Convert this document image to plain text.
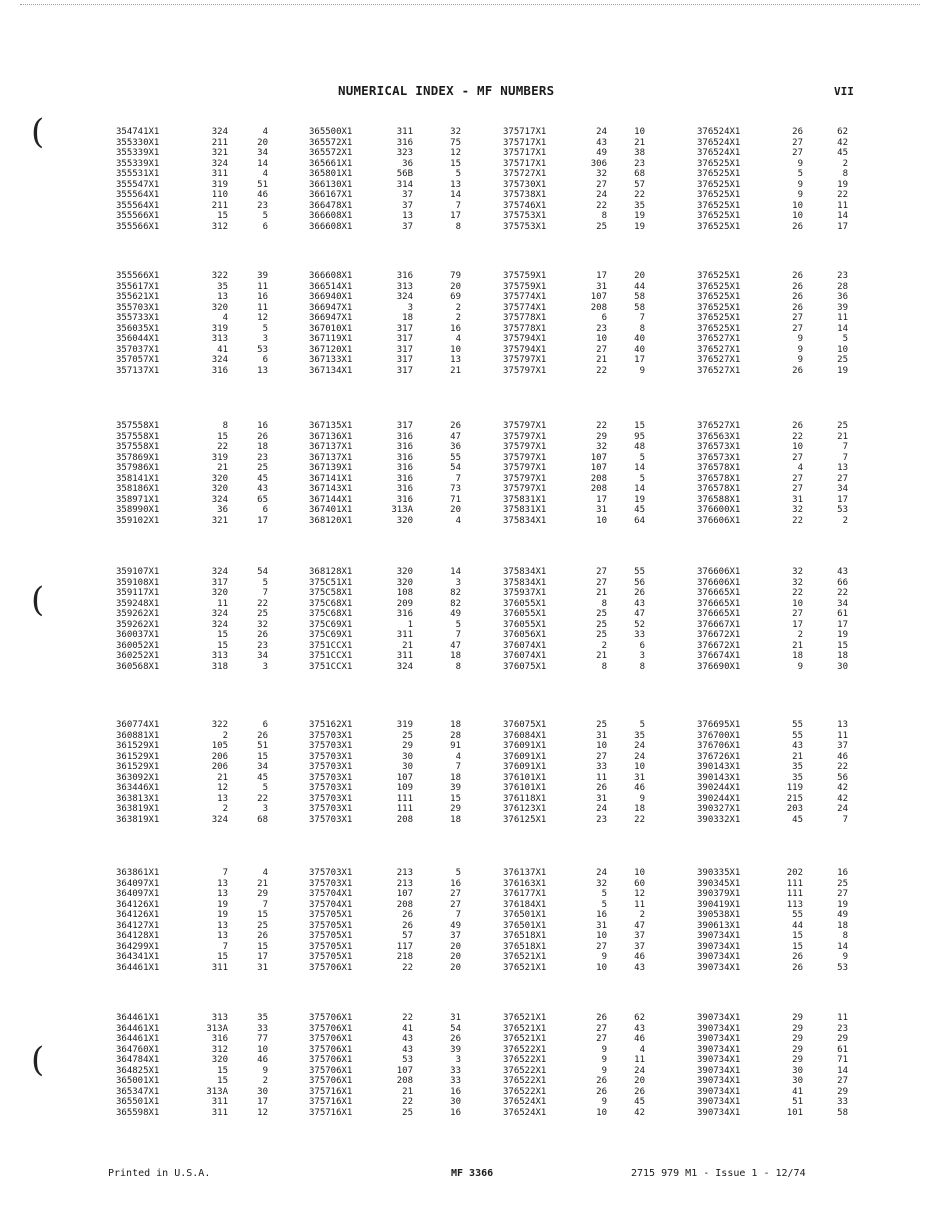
NUMERICAL INDEX - MF NUMBERS	VII
(
(
(
354741X1	324	4
355330X1	211	20
355339X1	321	34
355339X1	324	14
355531X1	311	4
355547X1	319	51
355564X1	110	46
355564X1	211	23
355566X1	15	5
355566X1	312	6
365500X1	311	32
365572X1	316	75
365572X1	323	12
365661X1	36	15
365801X1	56B	5
366130X1	314	13
366167X1	37	14
366478X1	37	7
366608X1	13	17
366608X1	37	8
375717X1	24	10
375717X1	43	21
375717X1	49	38
375717X1	306	23
375727X1	32	68
375730X1	27	57
375738X1	24	22
375746X1	22	35
375753X1	8	19
375753X1	25	19
376524X1	26	62
376524X1	27	42
376524X1	27	45
376525X1	9	2
376525X1	5	8
376525X1	9	19
376525X1	9	22
376525X1	10	11
376525X1	10	14
376525X1	26	17
355566X1	322	39
355617X1	35	11
355621X1	13	16
355703X1	320	11
355733X1	4	12
356035X1	319	5
356044X1	313	3
357037X1	41	53
357057X1	324	6
357137X1	316	13
366608X1	316	79
366514X1	313	20
366940X1	324	69
366947X1	3	2
366947X1	18	2
367010X1	317	16
367119X1	317	4
367120X1	317	10
367133X1	317	13
367134X1	317	21
375759X1	17	20
375759X1	31	44
375774X1	107	58
375774X1	208	58
375778X1	6	7
375778X1	23	8
375794X1	10	40
375794X1	27	40
375797X1	21	17
375797X1	22	9
376525X1	26	23
376525X1	26	28
376525X1	26	36
376525X1	26	39
376525X1	27	11
376525X1	27	14
376527X1	9	5
376527X1	9	10
376527X1	9	25
376527X1	26	19
357558X1	8	16
357558X1	15	26
357558X1	22	18
357869X1	319	23
357986X1	21	25
358141X1	320	45
358186X1	320	43
358971X1	324	65
358990X1	36	6
359102X1	321	17
367135X1	317	26
367136X1	316	47
367137X1	316	36
367137X1	316	55
367139X1	316	54
367141X1	316	7
367143X1	316	73
367144X1	316	71
367401X1	313A	20
368120X1	320	4
375797X1	22	15
375797X1	29	95
375797X1	32	48
375797X1	107	5
375797X1	107	14
375797X1	208	5
375797X1	208	14
375831X1	17	19
375831X1	31	45
375834X1	10	64
376527X1	26	25
376563X1	22	21
376573X1	10	7
376573X1	27	7
376578X1	4	13
376578X1	27	27
376578X1	27	34
376588X1	31	17
376600X1	32	53
376606X1	22	2
359107X1	324	54
359108X1	317	5
359117X1	320	7
359248X1	11	22
359262X1	324	25
359262X1	324	32
360037X1	15	26
360052X1	15	23
360252X1	313	34
360568X1	318	3
368128X1	320	14
375C51X1	320	3
375C58X1	108	82
375C68X1	209	82
375C68X1	316	49
375C69X1	1	5
375C69X1	311	7
3751CCX1	21	47
3751CCX1	311	18
3751CCX1	324	8
375834X1	27	55
375834X1	27	56
375937X1	21	26
376055X1	8	43
376055X1	25	47
376055X1	25	52
376056X1	25	33
376074X1	2	6
376074X1	21	3
376075X1	8	8
376606X1	32	43
376606X1	32	66
376665X1	22	22
376665X1	10	34
376665X1	27	61
376667X1	17	17
376672X1	2	19
376672X1	21	15
376674X1	18	18
376690X1	9	30
360774X1	322	6
360881X1	2	26
361529X1	105	51
361529X1	206	15
361529X1	206	34
363092X1	21	45
363446X1	12	5
363813X1	13	22
363819X1	2	3
363819X1	324	68
375162X1	319	18
375703X1	25	28
375703X1	29	91
375703X1	30	4
375703X1	30	7
375703X1	107	18
375703X1	109	39
375703X1	111	15
375703X1	111	29
375703X1	208	18
376075X1	25	5
376084X1	31	35
376091X1	10	24
376091X1	27	24
376091X1	33	10
376101X1	11	31
376101X1	26	46
376118X1	31	9
376123X1	24	18
376125X1	23	22
376695X1	55	13
376700X1	55	11
376706X1	43	37
376726X1	21	46
390143X1	35	22
390143X1	35	56
390244X1	119	42
390244X1	215	42
390327X1	203	24
390332X1	45	7
363861X1	7	4
364097X1	13	21
364097X1	13	29
364126X1	19	7
364126X1	19	15
364127X1	13	25
364128X1	13	26
364299X1	7	15
364341X1	15	17
364461X1	311	31
375703X1	213	5
375703X1	213	16
375704X1	107	27
375704X1	208	27
375705X1	26	7
375705X1	26	49
375705X1	57	37
375705X1	117	20
375705X1	218	20
375706X1	22	20
376137X1	24	10
376163X1	32	60
376177X1	5	12
376184X1	5	11
376501X1	16	2
376501X1	31	47
376518X1	10	37
376518X1	27	37
376521X1	9	46
376521X1	10	43
390335X1	202	16
390345X1	111	25
390379X1	111	27
390419X1	113	19
390538X1	55	49
390613X1	44	18
390734X1	15	8
390734X1	15	14
390734X1	26	9
390734X1	26	53
364461X1	313	35
364461X1	313A	33
364461X1	316	77
364760X1	312	10
364784X1	320	46
364825X1	15	9
365001X1	15	2
365347X1	313A	30
365501X1	311	17
365598X1	311	12
375706X1	22	31
375706X1	41	54
375706X1	43	26
375706X1	43	39
375706X1	53	3
375706X1	107	33
375706X1	208	33
375716X1	21	16
375716X1	22	30
375716X1	25	16
376521X1	26	62
376521X1	27	43
376521X1	27	46
376522X1	9	4
376522X1	9	11
376522X1	9	24
376522X1	26	20
376522X1	26	26
376524X1	9	45
376524X1	10	42
390734X1	29	11
390734X1	29	23
390734X1	29	29
390734X1	29	61
390734X1	29	71
390734X1	30	14
390734X1	30	27
390734X1	41	29
390734X1	51	33
390734X1	101	58
Printed in U.S.A.	MF 3366	2715 979 M1 - Issue 1 - 12/74
